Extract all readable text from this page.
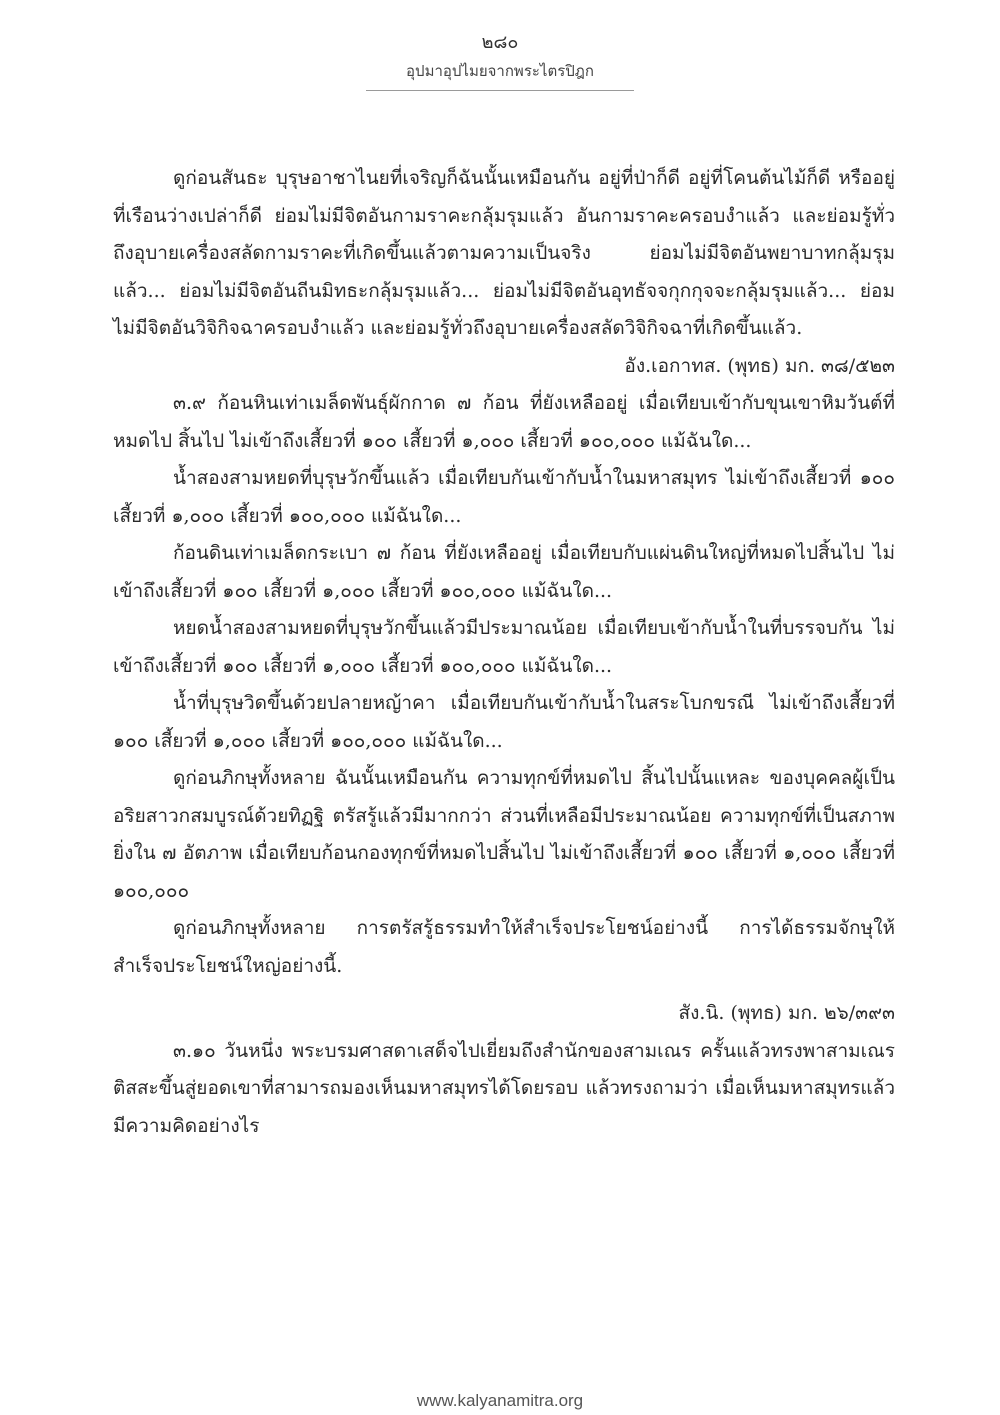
๒๘๐
อุปมาอุปไมยจากพระไตรปิฎก

ดูก่อนสันธะ บุรุษอาชาไนยที่เจริญก็ฉันนั้นเหมือนกัน อยู่ที่ป่าก็ดี อยู่ที่โคนต้นไม้ก็ดี หรืออยู่ที่เรือนว่างเปล่าก็ดี ย่อมไม่มีจิตอันกามราคะกลุ้มรุมแล้ว อันกามราคะครอบงำแล้ว และย่อมรู้ทั่วถึงอุบายเครื่องสลัดกามราคะที่เกิดขึ้นแล้วตามความเป็นจริง ย่อมไม่มีจิตอันพยาบาทกลุ้มรุมแล้ว... ย่อมไม่มีจิตอันถีนมิทธะกลุ้มรุมแล้ว... ย่อมไม่มีจิตอันอุทธัจจกุกกุจจะกลุ้มรุมแล้ว... ย่อมไม่มีจิตอันวิจิกิจฉาครอบงำแล้ว และย่อมรู้ทั่วถึงอุบายเครื่องสลัดวิจิกิจฉาที่เกิดขึ้นแล้ว.

อัง.เอกาทส. (พุทธ) มก. ๓๘/๕๒๓

๓.๙ ก้อนหินเท่าเมล็ดพันธุ์ผักกาด ๗ ก้อน ที่ยังเหลืออยู่ เมื่อเทียบเข้ากับขุนเขาหิมวันต์ที่หมดไป สิ้นไป ไม่เข้าถึงเสี้ยวที่ ๑๐๐ เสี้ยวที่ ๑,๐๐๐ เสี้ยวที่ ๑๐๐,๐๐๐ แม้ฉันใด...

น้ำสองสามหยดที่บุรุษวักขึ้นแล้ว เมื่อเทียบกันเข้ากับน้ำในมหาสมุทร ไม่เข้าถึงเสี้ยวที่ ๑๐๐ เสี้ยวที่ ๑,๐๐๐ เสี้ยวที่ ๑๐๐,๐๐๐ แม้ฉันใด...

ก้อนดินเท่าเมล็ดกระเบา ๗ ก้อน ที่ยังเหลืออยู่ เมื่อเทียบกับแผ่นดินใหญ่ที่หมดไปสิ้นไป ไม่เข้าถึงเสี้ยวที่ ๑๐๐ เสี้ยวที่ ๑,๐๐๐ เสี้ยวที่ ๑๐๐,๐๐๐ แม้ฉันใด...

หยดน้ำสองสามหยดที่บุรุษวักขึ้นแล้วมีประมาณน้อย เมื่อเทียบเข้ากับน้ำในที่บรรจบกัน ไม่เข้าถึงเสี้ยวที่ ๑๐๐ เสี้ยวที่ ๑,๐๐๐ เสี้ยวที่ ๑๐๐,๐๐๐ แม้ฉันใด...

น้ำที่บุรุษวิดขึ้นด้วยปลายหญ้าคา เมื่อเทียบกันเข้ากับน้ำในสระโบกขรณี ไม่เข้าถึงเสี้ยวที่ ๑๐๐ เสี้ยวที่ ๑,๐๐๐ เสี้ยวที่ ๑๐๐,๐๐๐ แม้ฉันใด...

ดูก่อนภิกษุทั้งหลาย ฉันนั้นเหมือนกัน ความทุกข์ที่หมดไป สิ้นไปนั้นแหละ ของบุคคลผู้เป็นอริยสาวกสมบูรณ์ด้วยทิฏฐิ ตรัสรู้แล้วมีมากกว่า ส่วนที่เหลือมีประมาณน้อย ความทุกข์ที่เป็นสภาพยิ่งใน ๗ อัตภาพ เมื่อเทียบก้อนกองทุกข์ที่หมดไปสิ้นไป ไม่เข้าถึงเสี้ยวที่ ๑๐๐ เสี้ยวที่ ๑,๐๐๐ เสี้ยวที่ ๑๐๐,๐๐๐

ดูก่อนภิกษุทั้งหลาย การตรัสรู้ธรรมทำให้สำเร็จประโยชน์อย่างนี้ การได้ธรรมจักษุให้สำเร็จประโยชน์ใหญ่อย่างนี้.

สัง.นิ. (พุทธ) มก. ๒๖/๓๙๓

๓.๑๐ วันหนึ่ง พระบรมศาสดาเสด็จไปเยี่ยมถึงสำนักของสามเณร ครั้นแล้วทรงพาสามเณรติสสะขึ้นสู่ยอดเขาที่สามารถมองเห็นมหาสมุทรได้โดยรอบ แล้วทรงถามว่า เมื่อเห็นมหาสมุทรแล้วมีความคิดอย่างไร

www.kalyanamitra.org
